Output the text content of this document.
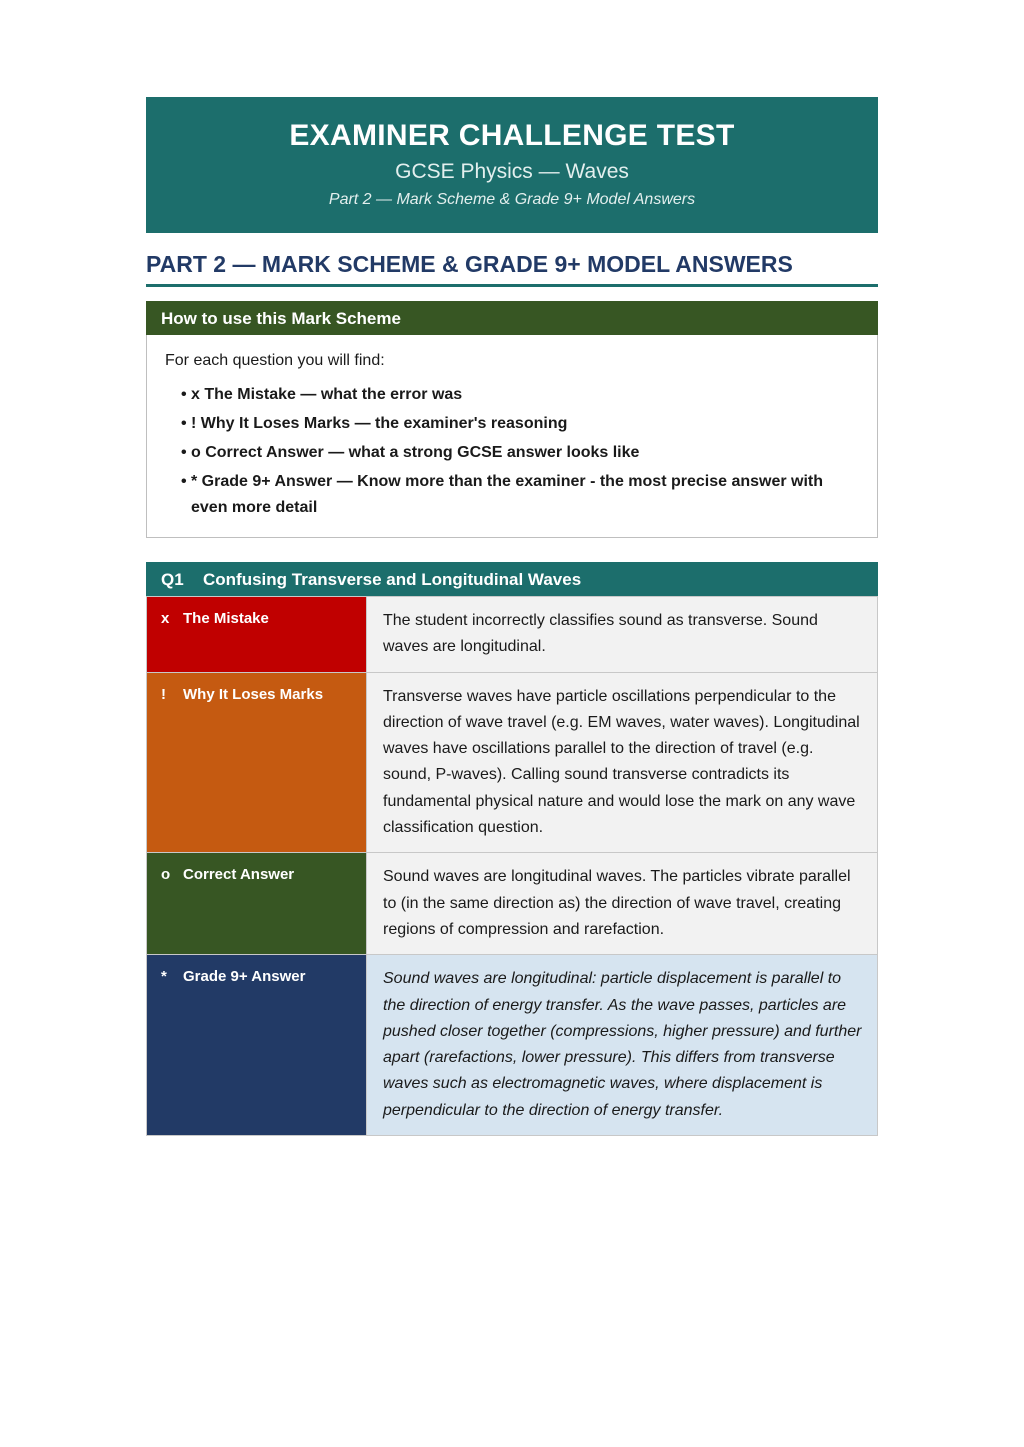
EXAMINER CHALLENGE TEST
GCSE Physics — Waves
Part 2 — Mark Scheme & Grade 9+ Model Answers
PART 2 — MARK SCHEME & GRADE 9+ MODEL ANSWERS
How to use this Mark Scheme

For each question you will find:

• x The Mistake — what the error was
• ! Why It Loses Marks — the examiner's reasoning
• o Correct Answer — what a strong GCSE answer looks like
• * Grade 9+ Answer — Know more than the examiner - the most precise answer with even more detail
Q1 Confusing Transverse and Longitudinal Waves
x The Mistake	The student incorrectly classifies sound as transverse. Sound waves are longitudinal.
! Why It Loses Marks	Transverse waves have particle oscillations perpendicular to the direction of wave travel (e.g. EM waves, water waves). Longitudinal waves have oscillations parallel to the direction of travel (e.g. sound, P-waves). Calling sound transverse contradicts its fundamental physical nature and would lose the mark on any wave classification question.
o Correct Answer	Sound waves are longitudinal waves. The particles vibrate parallel to (in the same direction as) the direction of wave travel, creating regions of compression and rarefaction.
* Grade 9+ Answer	Sound waves are longitudinal: particle displacement is parallel to the direction of energy transfer. As the wave passes, particles are pushed closer together (compressions, higher pressure) and further apart (rarefactions, lower pressure). This differs from transverse waves such as electromagnetic waves, where displacement is perpendicular to the direction of energy transfer.
